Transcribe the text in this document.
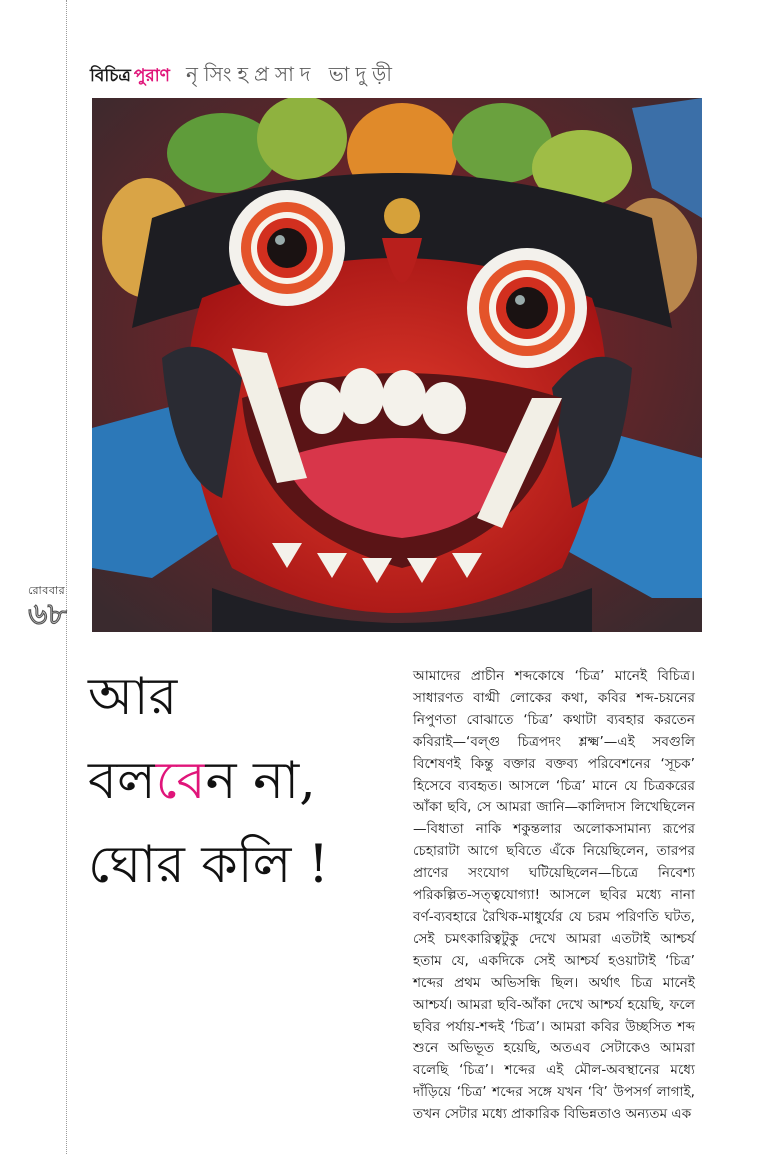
বিচিত্র পুরাণ নৃসিংহপ্রসাদ ভাদুড়ী
রোববার
৬৮
আর
বলবেন না,
ঘোর কলি !

আমাদের প্রাচীন শব্দকোষে ‘চিত্র’ মানেই বিচিত্র। সাধারণত বাগ্মী লোকের কথা, কবির শব্দ-চয়নের নিপুণতা বোঝাতে ‘চিত্র’ কথাটা ব্যবহার করতেন কবিরাই—‘বল্গু চিত্রপদং শ্লক্ষ্ম’—এই সবগুলি বিশেষণই কিন্তু বক্তার বক্তব্য পরিবেশনের ‘সূচক’ হিসেবে ব্যবহৃত। আসলে ‘চিত্র’ মানে যে চিত্রকরের আঁকা ছবি, সে আমরা জানি—কালিদাস লিখেছিলেন—বিধাতা নাকি শকুন্তলার অলোকসামান্য রূপের চেহারাটা আগে ছবিতে এঁকে নিয়েছিলেন, তারপর প্রাণের সংযোগ ঘটিয়েছিলেন—চিত্রে নিবেশ্য পরিকল্পিত-সত্ত্বযোগ্যা! আসলে ছবির মধ্যে নানা বর্ণ-ব্যবহারে রৈখিক-মাধুর্যের যে চরম পরিণতি ঘটত, সেই চমৎকারিত্বটুকু দেখে আমরা এতটাই আশ্চর্য হতাম যে, একদিকে সেই আশ্চর্য হওয়াটাই ‘চিত্র’ শব্দের প্রথম অভিসন্ধি ছিল। অর্থাৎ চিত্র মানেই আশ্চর্য। আমরা ছবি-আঁকা দেখে আশ্চর্য হয়েছি, ফলে ছবির পর্যায়-শব্দই ‘চিত্র’। আমরা কবির উচ্ছসিত শব্দ শুনে অভিভূত হয়েছি, অতএব সেটাকেও আমরা বলেছি ‘চিত্র’। শব্দের এই মৌল-অবস্থানের মধ্যে দাঁড়িয়ে ‘চিত্র’ শব্দের সঙ্গে যখন ‘বি’ উপসর্গ লাগাই, তখন সেটার মধ্যে প্রাকারিক বিভিন্নতাও অন্যতম এক
